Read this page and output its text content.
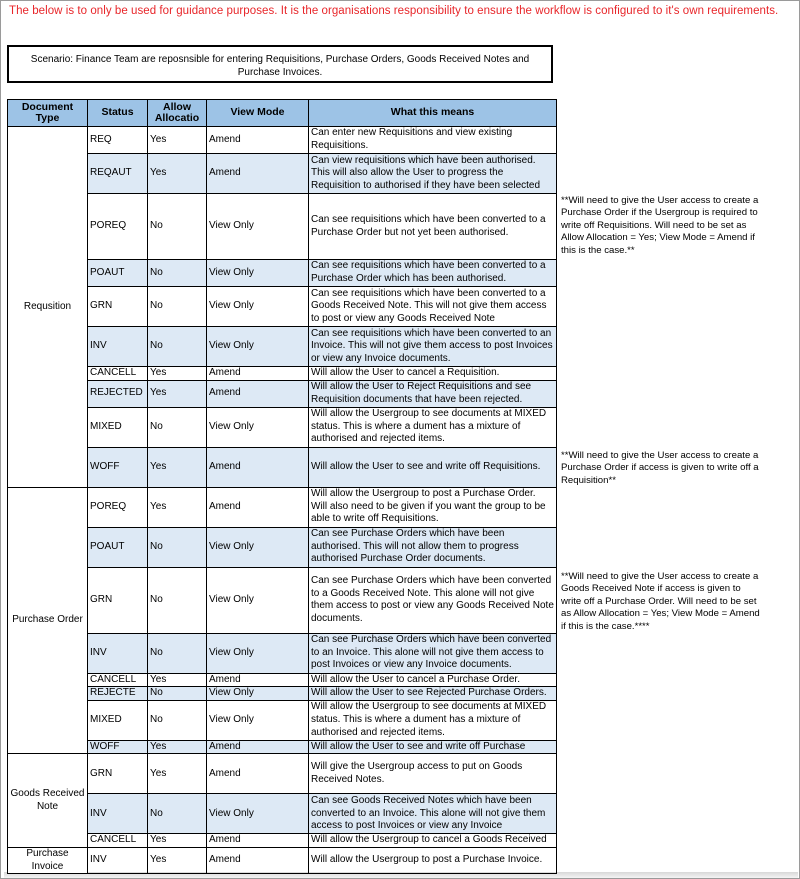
The below is to only be used for guidance purposes. It is the organisations responsibility to ensure the workflow is configured to it's own requirements.
Scenario: Finance Team are reposnsible for entering Requisitions, Purchase Orders, Goods Received Notes and Purchase Invoices.
Document Type	Status	Allow Allocatio	View Mode	What this means
Requsition	REQ	Yes	Amend	Can enter new Requisitions and view existing Requisitions.
	REQAUT	Yes	Amend	Can view requisitions which have been authorised. This will also allow the User to progress the Requisition to authorised if they have been selected
	POREQ	No	View Only	Can see requisitions which have been converted to a Purchase Order but not yet been authorised.
	POAUT	No	View Only	Can see requisitions which have been converted to a Purchase Order which has been authorised.
	GRN	No	View Only	Can see requisitions which have been converted to a Goods Received Note. This will not give them access to post or view any Goods Received Note
	INV	No	View Only	Can see requisitions which have been converted to an Invoice. This will not give them access to post Invoices or view any Invoice documents.
	CANCELL	Yes	Amend	Will allow the User to cancel a Requisition.
	REJECTED	Yes	Amend	Will allow the User to Reject Requisitions and see Requisition documents that have been rejected.
	MIXED	No	View Only	Will allow the Usergroup to see documents at MIXED status. This is where a dument has a mixture of authorised and rejected items.
	WOFF	Yes	Amend	Will allow the User to see and write off Requisitions.
Purchase Order	POREQ	Yes	Amend	Will allow the Usergroup to post a Purchase Order. Will also need to be given if you want the group to be able to write off Requisitions.
	POAUT	No	View Only	Can see Purchase Orders which have been authorised. This will not allow them to progress authorised Purchase Order documents.
	GRN	No	View Only	Can see Purchase Orders which have been converted to a Goods Received Note. This alone will not give them access to post or view any Goods Received Note documents.
	INV	No	View Only	Can see Purchase Orders which have been converted to an Invoice. This alone will not give them access to post Invoices or view any Invoice documents.
	CANCELL	Yes	Amend	Will allow the User to cancel a Purchase Order.
	REJECTE	No	View Only	Will allow the User to see Rejected Purchase Orders.
	MIXED	No	View Only	Will allow the Usergroup to see documents at MIXED status. This is where a dument has a mixture of authorised and rejected items.
	WOFF	Yes	Amend	Will allow the User to see and write off Purchase
Goods Received Note	GRN	Yes	Amend	Will give the Usergroup access to put on Goods Received Notes.
	INV	No	View Only	Can see Goods Received Notes which have been converted to an Invoice. This alone will not give them access to post Invoices or view any Invoice
	CANCELL	Yes	Amend	Will allow the Usergroup to cancel a Goods Received
Purchase Invoice	INV	Yes	Amend	Will allow the Usergroup to post a Purchase Invoice.
**Will need to give the User access to create a Purchase Order if the Usergroup is required to write off Requisitions. Will need to be set as Allow Allocation = Yes; View Mode = Amend if this is the case.**
**Will need to give the User access to create a Purchase Order if access is given to write off a Requisition**
**Will need to give the User access to create a Goods Received Note if access is given to write off a Purchase Order. Will need to be set as Allow Allocation = Yes; View Mode = Amend if this is the case.****
